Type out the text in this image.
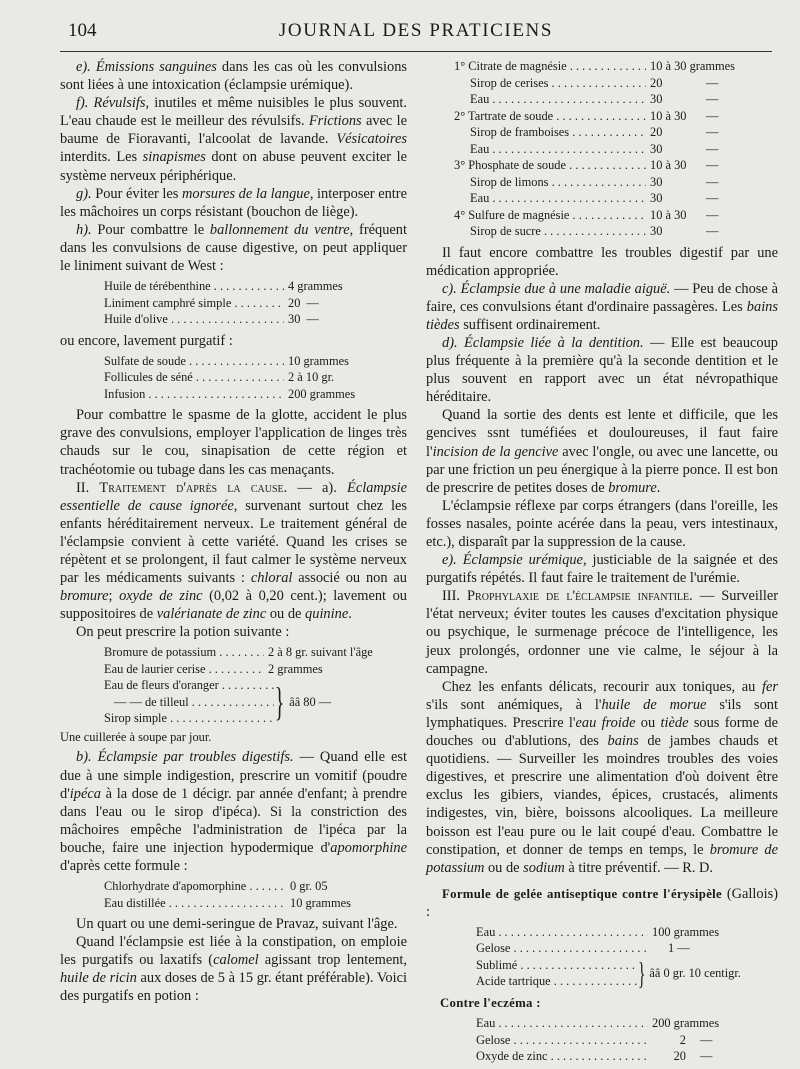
104	JOURNAL DES PRATICIENS

e). Émissions sanguines dans les cas où les convulsions sont liées à une intoxication (éclampsie urémique).

f). Révulsifs, inutiles et même nuisibles le plus souvent. L'eau chaude est le meilleur des révulsifs. Frictions avec le baume de Fioravanti, l'alcoolat de lavande. Vésicatoires interdits. Les sinapismes dont on abuse peuvent exciter le système nerveux périphérique.

g). Pour éviter les morsures de la langue, interposer entre les mâchoires un corps résistant (bouchon de liège).

h). Pour combattre le ballonnement du ventre, fréquent dans les convulsions de cause digestive, on peut appliquer le liniment suivant de West :

Huile de térébenthine . . .	4 grammes
Liniment camphré simple . . .	20 —
Huile d'olive . . .	30 —

ou encore, lavement purgatif :

Sulfate de soude . . .	10 grammes
Follicules de séné . . .	2 à 10 gr.
Infusion . . .	200 grammes

Pour combattre le spasme de la glotte, accident le plus grave des convulsions, employer l'application de linges très chauds sur le cou, sinapisation de cette région et trachéotomie ou tubage dans les cas menaçants.

II. Traitement d'après la cause. — a). Éclampsie essentielle de cause ignorée, survenant surtout chez les enfants héréditairement nerveux. Le traitement général de l'éclampsie convient à cette variété. Quand les crises se répètent et se prolongent, il faut calmer le système nerveux par les médicaments suivants : chloral associé ou non au bromure; oxyde de zinc (0,02 à 0,20 cent.); lavement ou suppositoires de valérianate de zinc ou de quinine.

On peut prescrire la potion suivante :

Bromure de potassium . . .	2 à 8 gr. suivant l'âge
Eau de laurier cerise . . .	2 grammes
Eau de fleurs d'oranger . . .
— — de tilleul . . .
Sirop simple . . .	} ââ 80 —
Une cuillerée à soupe par jour.

b). Éclampsie par troubles digestifs. — Quand elle est due à une simple indigestion, prescrire un vomitif (poudre d'ipéca à la dose de 1 décigr. par année d'enfant; à prendre dans l'eau ou le sirop d'ipéca). Si la constriction des mâchoires empêche l'administration de l'ipéca par la bouche, faire une injection hypodermique d'apomorphine d'après cette formule :

Chlorhydrate d'apomorphine . . .	0 gr. 05
Eau distillée . . .	10 grammes

Un quart ou une demi-seringue de Pravaz, suivant l'âge.

Quand l'éclampsie est liée à la constipation, on emploie les purgatifs ou laxatifs (calomel agissant trop lentement, huile de ricin aux doses de 5 à 15 gr. étant préférable). Voici des purgatifs en potion :

1° Citrate de magnésie . . .	10 à 30 grammes
Sirop de cerises . . .	20	—
Eau . . .	30	—
2° Tartrate de soude . . .	10 à 30	—
Sirop de framboises . . .	20	—
Eau . . .	30	—
3° Phosphate de soude . . .	10 à 30	—
Sirop de limons . . .	30	—
Eau . . .	30	—
4° Sulfure de magnésie . . .	10 à 30	—
Sirop de sucre . . .	30	—

Il faut encore combattre les troubles digestif par une médication appropriée.

c). Éclampsie due à une maladie aiguë. — Peu de chose à faire, ces convulsions étant d'ordinaire passagères. Les bains tièdes suffisent ordinairement.

d). Éclampsie liée à la dentition. — Elle est beaucoup plus fréquente à la première qu'à la seconde dentition et le plus souvent en rapport avec un état névropathique héréditaire.

Quand la sortie des dents est lente et difficile, que les gencives ssnt tuméfiées et douloureuses, il faut faire l'incision de la gencive avec l'ongle, ou avec une lancette, ou par une friction un peu énergique à la pierre ponce. Il est bon de prescrire de petites doses de bromure.

L'éclampsie réflexe par corps étrangers (dans l'oreille, les fosses nasales, pointe acérée dans la peau, vers intestinaux, etc.), disparaît par la suppression de la cause.

e). Éclampsie urémique, justiciable de la saignée et des purgatifs répétés. Il faut faire le traitement de l'urémie.

III. Prophylaxie de l'éclampsie infantile. — Surveiller l'état nerveux; éviter toutes les causes d'excitation physique ou psychique, le surmenage précoce de l'intelligence, les jeux prolongés, ordonner une vie calme, le séjour à la campagne.

Chez les enfants délicats, recourir aux toniques, au fer s'ils sont anémiques, à l'huile de morue s'ils sont lymphatiques. Prescrire l'eau froide ou tiède sous forme de douches ou d'ablutions, des bains de jambes chauds et quotidiens. — Surveiller les moindres troubles des voies digestives, et prescrire une alimentation d'où doivent être exclus les gibiers, viandes, épices, crustacés, aliments indigestes, vin, bière, boissons alcooliques. La meilleure boisson est l'eau pure ou le lait coupé d'eau. Combattre le constipation, et donner de temps en temps, le bromure de potassium ou de sodium à titre préventif. — R. D.

Formule de gelée antiseptique contre l'érysipèle (Gallois) :

Eau . . .	100 grammes
Gelose . . .	1 —
Sublimé . . .
Acide tartrique . . .	} ââ 0 gr. 10 centigr.
Contre l'eczéma :
Eau . . .	200 grammes
Gelose . . .	2	—
Oxyde de zinc . . .	20	—
